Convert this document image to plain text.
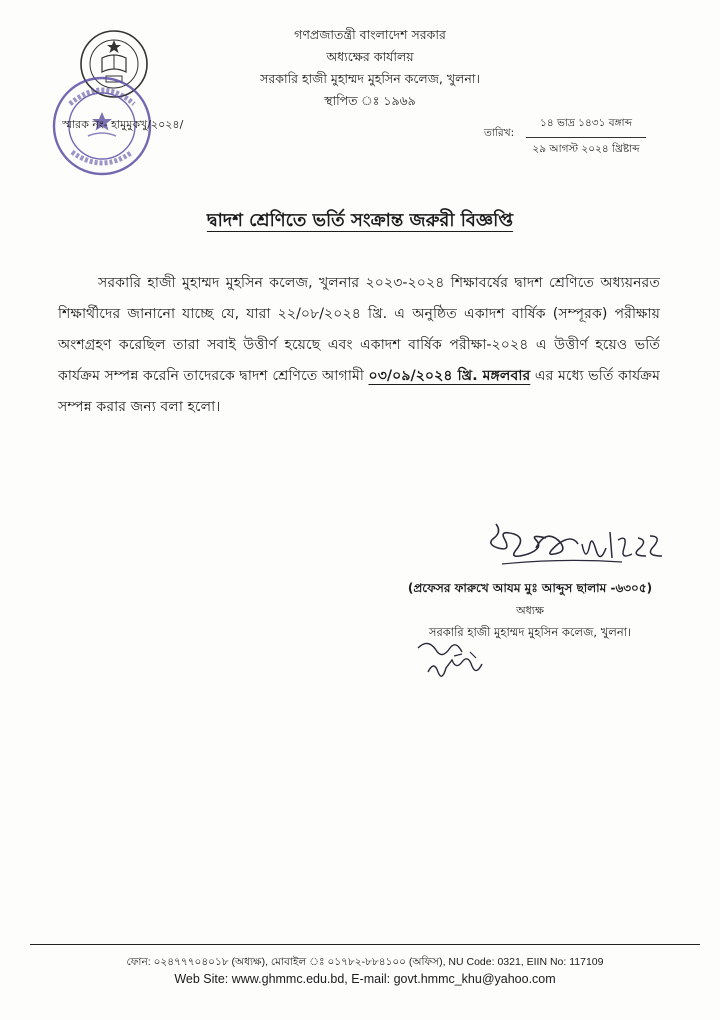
গণপ্রজাতন্ত্রী বাংলাদেশ সরকার
অধ্যক্ষের কার্যালয়
সরকারি হাজী মুহাম্মদ মুহসিন কলেজ, খুলনা।
স্থাপিত ঃ ১৯৬৯
স্মারক নং- হামুমুকখু/২০২৪/
তারিখ:
১৪ ভাদ্র ১৪৩১ বঙ্গাব্দ
২৯ আগস্ট ২০২৪ খ্রিষ্টাব্দ
দ্বাদশ শ্রেণিতে ভর্তি সংক্রান্ত জরুরী বিজ্ঞপ্তি
সরকারি হাজী মুহাম্মদ মুহসিন কলেজ, খুলনার ২০২৩-২০২৪ শিক্ষাবর্ষের দ্বাদশ শ্রেণিতে অধ্যয়নরত শিক্ষার্থীদের জানানো যাচ্ছে যে, যারা ২২/০৮/২০২৪ খ্রি. এ অনুষ্ঠিত একাদশ বার্ষিক (সম্পূরক) পরীক্ষায় অংশগ্রহণ করেছিল তারা সবাই উত্তীর্ণ হয়েছে এবং একাদশ বার্ষিক পরীক্ষা-২০২৪ এ উত্তীর্ণ হয়েও ভর্তি কার্যক্রম সম্পন্ন করেনি তাদেরকে দ্বাদশ শ্রেণিতে আগামী ০৩/০৯/২০২৪ খ্রি. মঙ্গলবার এর মধ্যে ভর্তি কার্যক্রম সম্পন্ন করার জন্য বলা হলো।
(প্রফেসর ফারুখে আযম মুঃ আব্দুস ছালাম -৬৩০৫)
অধ্যক্ষ
সরকারি হাজী মুহাম্মদ মুহসিন কলেজ, খুলনা।
ফোন: ০২৪৭৭৭০৪০১৮ (অধ্যক্ষ), মোবাইল ঃ ০১৭৮২-৮৮৪১০০ (অফিস), NU Code: 0321, EIIN No: 117109
Web Site: www.ghmmc.edu.bd, E-mail: govt.hmmc_khu@yahoo.com
